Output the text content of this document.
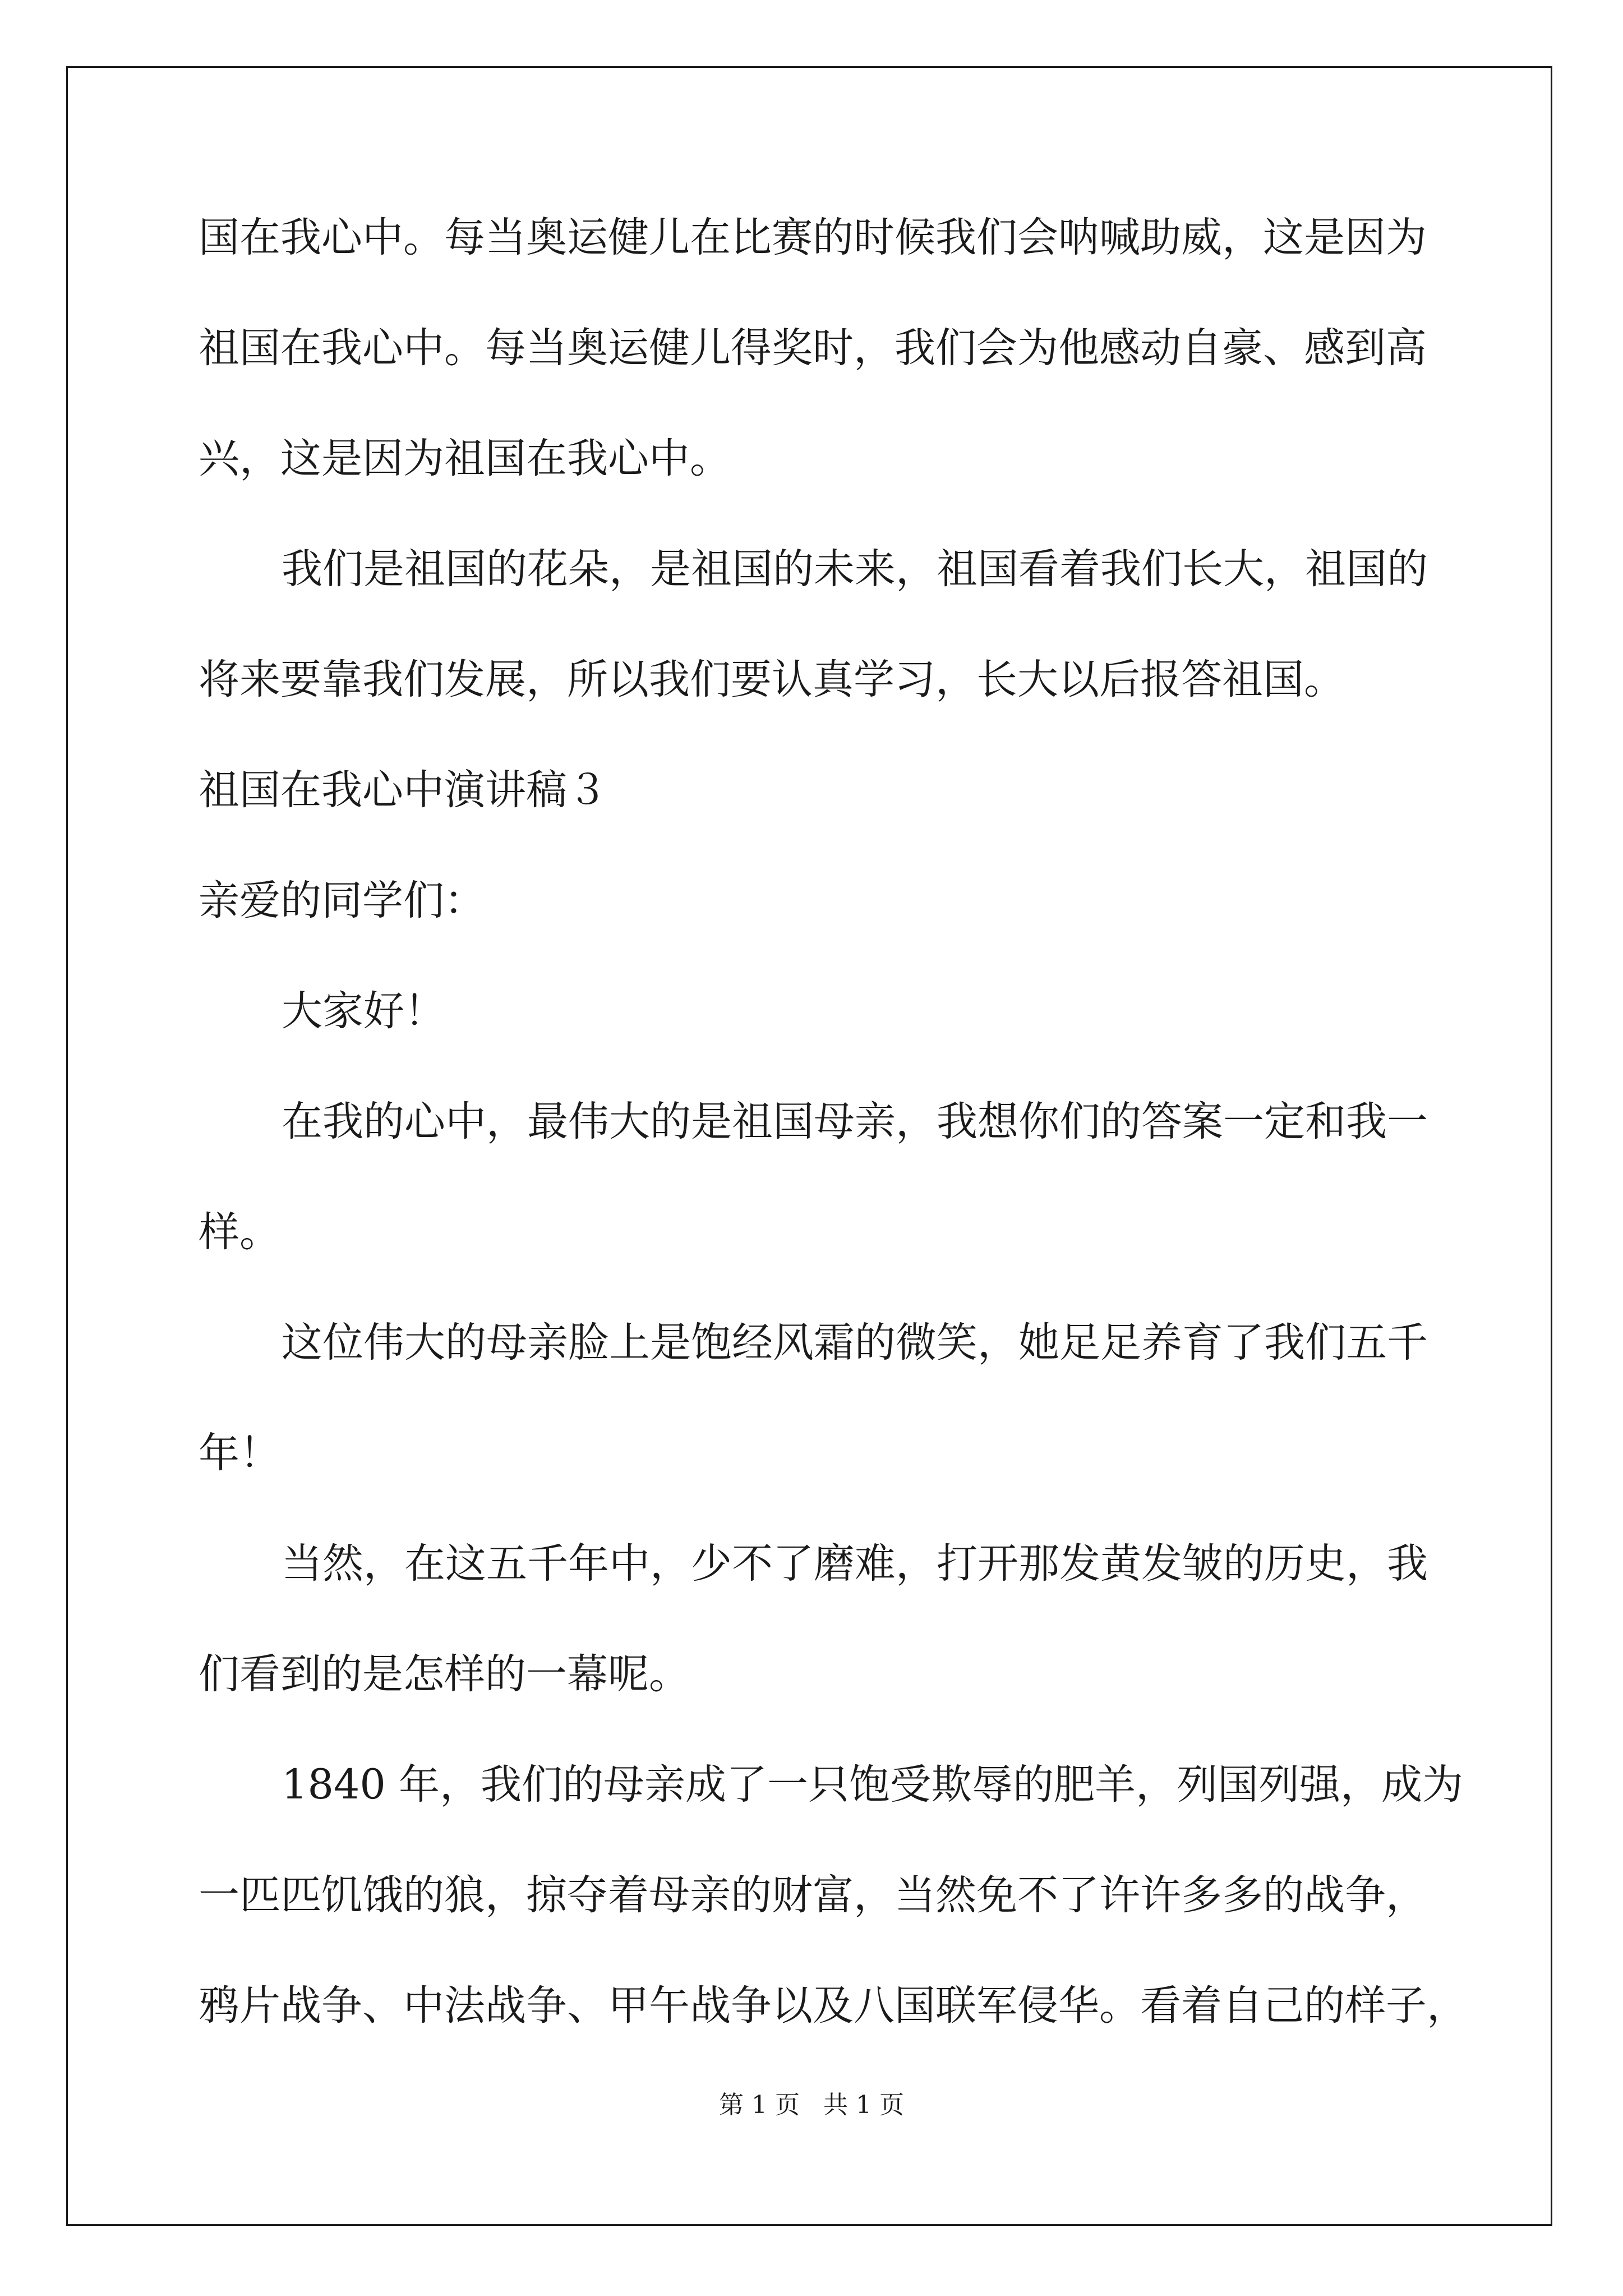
国在我心中。每当奥运健儿在比赛的时候我们会呐喊助威，这是因为
祖国在我心中。每当奥运健儿得奖时，我们会为他感动自豪、感到高
兴，这是因为祖国在我心中。
我们是祖国的花朵，是祖国的未来，祖国看着我们长大，祖国的
将来要靠我们发展，所以我们要认真学习，长大以后报答祖国。
祖国在我心中演讲稿３
亲爱的同学们：
大家好！
在我的心中，最伟大的是祖国母亲，我想你们的答案一定和我一
样。
这位伟大的母亲脸上是饱经风霜的微笑，她足足养育了我们五千
年！
当然，在这五千年中，少不了磨难，打开那发黄发皱的历史，我
们看到的是怎样的一幕呢。
1840 年，我们的母亲成了一只饱受欺辱的肥羊，列国列强，成为
一匹匹饥饿的狼，掠夺着母亲的财富，当然免不了许许多多的战争，
鸦片战争、中法战争、甲午战争以及八国联军侵华。看着自己的样子，
第 1 页   共 1 页
